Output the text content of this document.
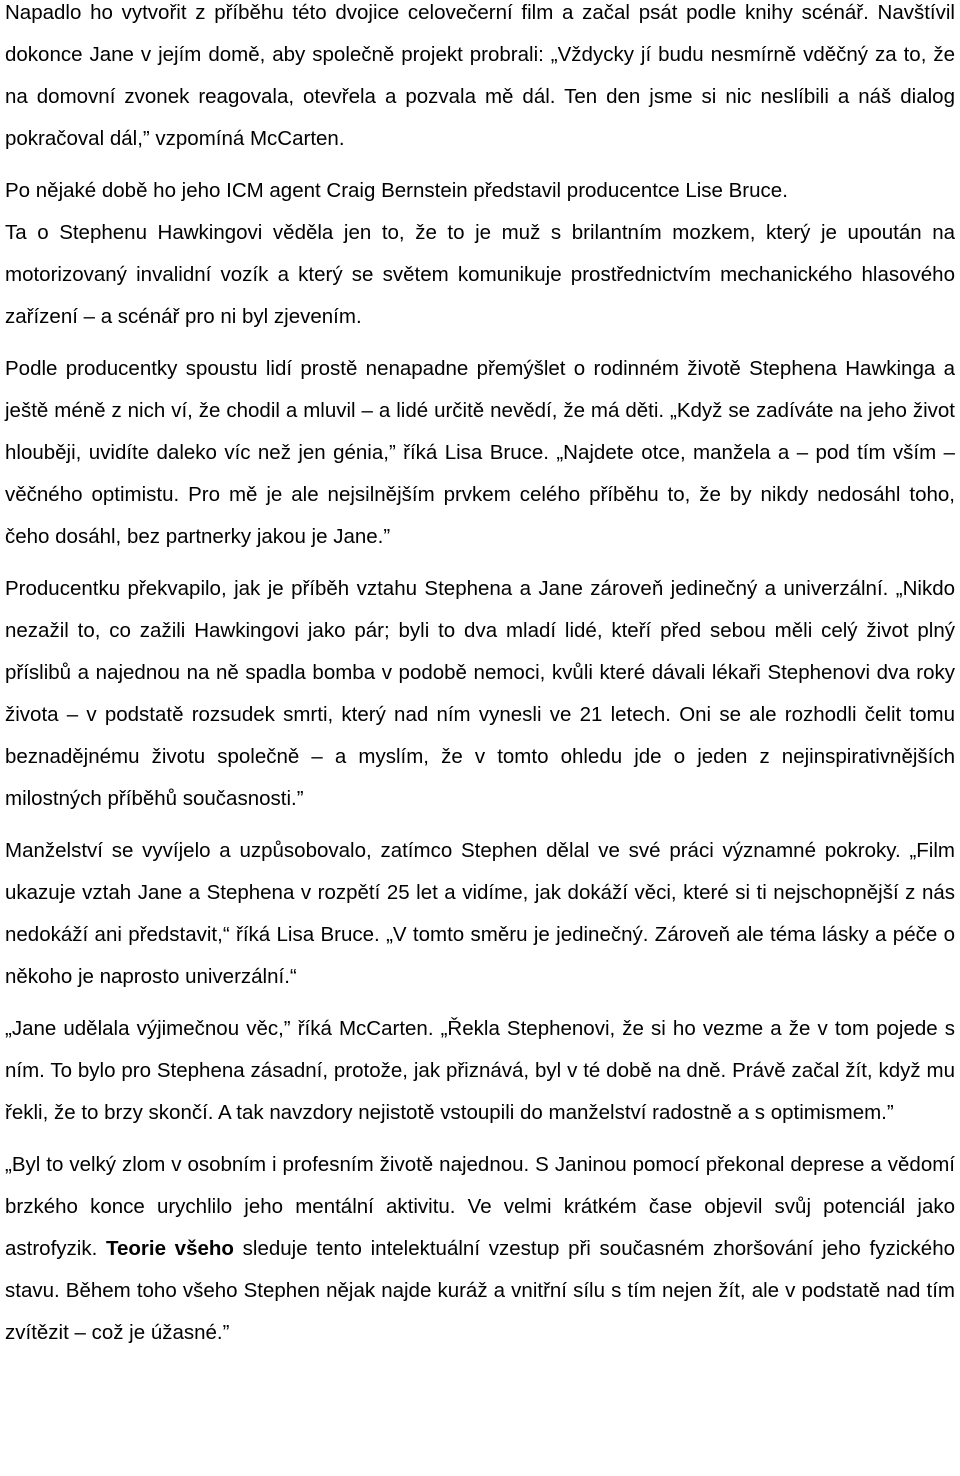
Napadlo ho vytvořit z příběhu této dvojice celovečerní film a začal psát podle knihy scénář. Navštívil dokonce Jane v jejím domě, aby společně projekt probrali: „Vždycky jí budu nesmírně vděčný za to, že na domovní zvonek reagovala, otevřela a pozvala mě dál. Ten den jsme si nic neslíbili a náš dialog pokračoval dál,” vzpomíná McCarten.

Po nějaké době ho jeho ICM agent Craig Bernstein představil producentce Lise Bruce.

Ta o Stephenu Hawkingovi věděla jen to, že to je muž s brilantním mozkem, který je upoután na motorizovaný invalidní vozík a který se světem komunikuje prostřednictvím mechanického hlasového zařízení – a scénář pro ni byl zjevením.

Podle producentky spoustu lidí prostě nenapadne přemýšlet o rodinném životě Stephena Hawkinga a ještě méně z nich ví, že chodil a mluvil – a lidé určitě nevědí, že má děti. „Když se zadíváte na jeho život hlouběji, uvidíte daleko víc než jen génia,” říká Lisa Bruce. „Najdete otce, manžela a – pod tím vším – věčného optimistu. Pro mě je ale nejsilnějším prvkem celého příběhu to, že by nikdy nedosáhl toho, čeho dosáhl, bez partnerky jakou je Jane.”

Producentku překvapilo, jak je příběh vztahu Stephena a Jane zároveň jedinečný a univerzální. „Nikdo nezažil to, co zažili Hawkingovi jako pár; byli to dva mladí lidé, kteří před sebou měli celý život plný příslibů a najednou na ně spadla bomba v podobě nemoci, kvůli které dávali lékaři Stephenovi dva roky života – v podstatě rozsudek smrti, který nad ním vynesli ve 21 letech. Oni se ale rozhodli čelit tomu beznadějnému životu společně – a myslím, že v tomto ohledu jde o jeden z nejinspirativnějších milostných příběhů současnosti.”

Manželství se vyvíjelo a uzpůsobovalo, zatímco Stephen dělal ve své práci významné pokroky. „Film ukazuje vztah Jane a Stephena v rozpětí 25 let a vidíme, jak dokáží věci, které si ti nejschopnější z nás nedokáží ani představit,“ říká Lisa Bruce. „V tomto směru je jedinečný. Zároveň ale téma lásky a péče o někoho je naprosto univerzální.“

„Jane udělala výjimečnou věc,” říká McCarten. „Řekla Stephenovi, že si ho vezme a že v tom pojede s ním. To bylo pro Stephena zásadní, protože, jak přiznává, byl v té době na dně. Právě začal žít, když mu řekli, že to brzy skončí. A tak navzdory nejistotě vstoupili do manželství radostně a s optimismem.”

„Byl to velký zlom v osobním i profesním životě najednou. S Janinou pomocí překonal deprese a vědomí brzkého konce urychlilo jeho mentální aktivitu. Ve velmi krátkém čase objevil svůj potenciál jako astrofyzik. Teorie všeho sleduje tento intelektuální vzestup při současném zhoršování jeho fyzického stavu. Během toho všeho Stephen nějak najde kuráž a vnitřní sílu s tím nejen žít, ale v podstatě nad tím zvítězit – což je úžasné.”
